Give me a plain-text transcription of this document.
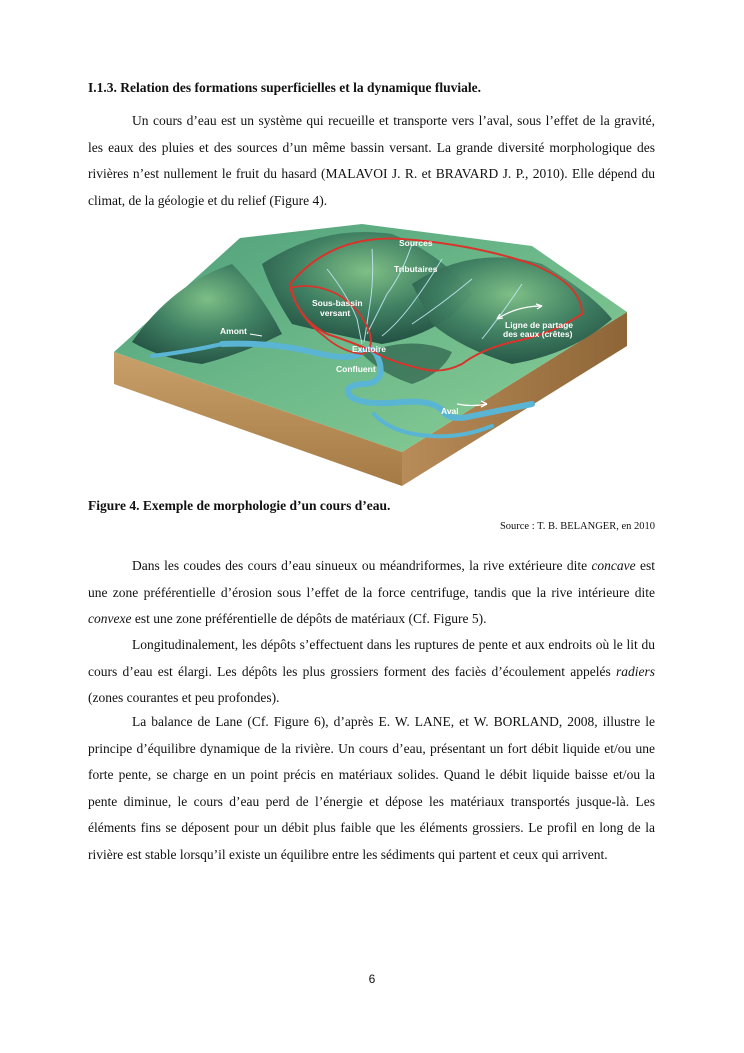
I.1.3. Relation des formations superficielles et la dynamique fluviale.

Un cours d’eau est un système qui recueille et transporte vers l’aval, sous l’effet de la gravité, les eaux des pluies et des sources d’un même bassin versant. La grande diversité morphologique des rivières n’est nullement le fruit du hasard (MALAVOI J. R. et BRAVARD J. P., 2010). Elle dépend du climat, de la géologie et du relief (Figure 4).

Sources
Tributaires
Sous-bassin
versant
Ligne de partage
des eaux (crêtes)
Amont
Exutoire
Confluent
Aval
Figure 4. Exemple de morphologie d’un cours d’eau.
Source : T. B. BELANGER, en 2010

Dans les coudes des cours d’eau sinueux ou méandriformes, la rive extérieure dite concave est une zone préférentielle d’érosion sous l’effet de la force centrifuge, tandis que la rive intérieure dite convexe est une zone préférentielle de dépôts de matériaux (Cf. Figure 5).

Longitudinalement, les dépôts s’effectuent dans les ruptures de pente et aux endroits où le lit du cours d’eau est élargi. Les dépôts les plus grossiers forment des faciès d’écoulement appelés radiers (zones courantes et peu profondes).

La balance de Lane (Cf. Figure 6), d’après E. W. LANE, et W. BORLAND, 2008, illustre le principe d’équilibre dynamique de la rivière. Un cours d’eau, présentant un fort débit liquide et/ou une forte pente, se charge en un point précis en matériaux solides. Quand le débit liquide baisse et/ou la pente diminue, le cours d’eau perd de l’énergie et dépose les matériaux transportés jusque-là. Les éléments fins se déposent pour un débit plus faible que les éléments grossiers. Le profil en long de la rivière est stable lorsqu’il existe un équilibre entre les sédiments qui partent et ceux qui arrivent.

6
